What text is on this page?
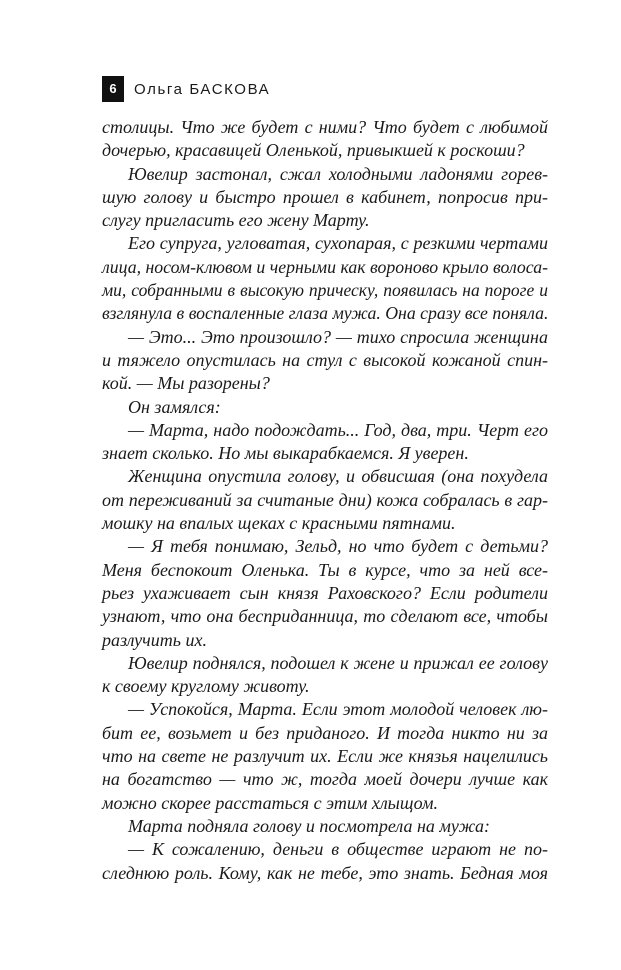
6	Ольга БАСКОВА
столицы. Что же будет с ними? Что будет с любимой
дочерью, красавицей Оленькой, привыкшей к роскоши?
Ювелир застонал, сжал холодными ладонями горев-
шую голову и быстро прошел в кабинет, попросив при-
слугу пригласить его жену Марту.
Его супруга, угловатая, сухопарая, с резкими чертами
лица, носом-клювом и черными как вороново крыло волоса-
ми, собранными в высокую прическу, появилась на пороге и
взглянула в воспаленные глаза мужа. Она сразу все поняла.
— Это... Это произошло? — тихо спросила женщина
и тяжело опустилась на стул с высокой кожаной спин-
кой. — Мы разорены?
Он замялся:
— Марта, надо подождать... Год, два, три. Черт его
знает сколько. Но мы выкарабкаемся. Я уверен.
Женщина опустила голову, и обвисшая (она похудела
от переживаний за считаные дни) кожа собралась в гар-
мошку на впалых щеках с красными пятнами.
— Я тебя понимаю, Зельд, но что будет с детьми?
Меня беспокоит Оленька. Ты в курсе, что за ней все-
рьез ухаживает сын князя Раховского? Если родители
узнают, что она бесприданница, то сделают все, чтобы
разлучить их.
Ювелир поднялся, подошел к жене и прижал ее голову
к своему круглому животу.
— Успокойся, Марта. Если этот молодой человек лю-
бит ее, возьмет и без приданого. И тогда никто ни за
что на свете не разлучит их. Если же князья нацелились
на богатство — что ж, тогда моей дочери лучше как
можно скорее расстаться с этим хлыщом.
Марта подняла голову и посмотрела на мужа:
— К сожалению, деньги в обществе играют не по-
следнюю роль. Кому, как не тебе, это знать. Бедная моя
